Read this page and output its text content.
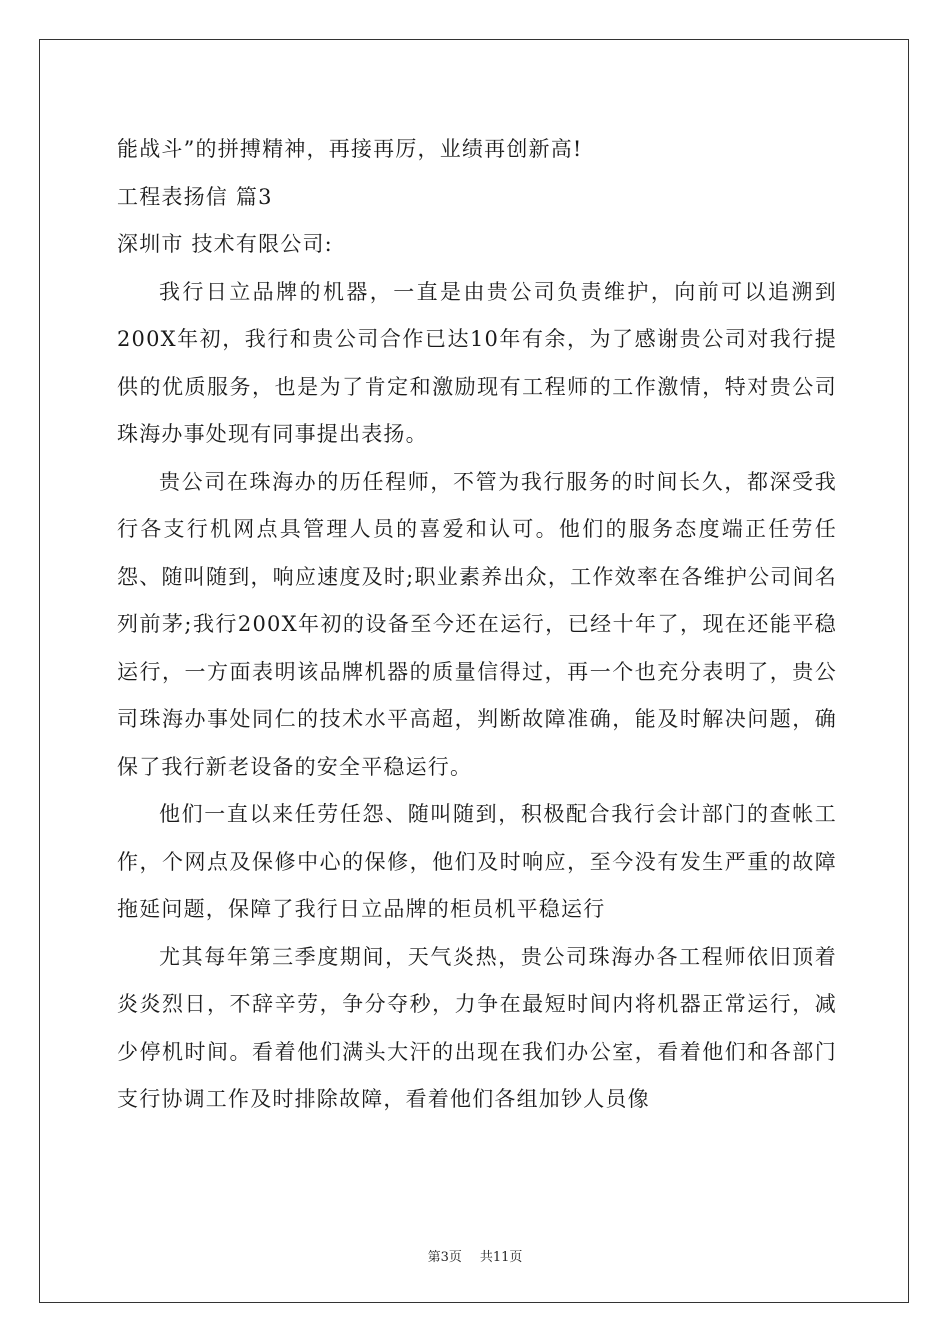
能战斗”的拼搏精神，再接再厉，业绩再创新高!
工程表扬信 篇3
深圳市 技术有限公司:

我行日立品牌的机器，一直是由贵公司负责维护，向前可以追溯到200X年初，我行和贵公司合作已达10年有余，为了感谢贵公司对我行提供的优质服务，也是为了肯定和激励现有工程师的工作激情，特对贵公司珠海办事处现有同事提出表扬。

贵公司在珠海办的历任程师，不管为我行服务的时间长久，都深受我行各支行机网点具管理人员的喜爱和认可。他们的服务态度端正任劳任怨、随叫随到，响应速度及时;职业素养出众，工作效率在各维护公司间名列前茅;我行200X年初的设备至今还在运行，已经十年了，现在还能平稳运行，一方面表明该品牌机器的质量信得过，再一个也充分表明了，贵公司珠海办事处同仁的技术水平高超，判断故障准确，能及时解决问题，确保了我行新老设备的安全平稳运行。

他们一直以来任劳任怨、随叫随到，积极配合我行会计部门的查帐工作，个网点及保修中心的保修，他们及时响应，至今没有发生严重的故障拖延问题，保障了我行日立品牌的柜员机平稳运行

尤其每年第三季度期间，天气炎热，贵公司珠海办各工程师依旧顶着炎炎烈日，不辞辛劳，争分夺秒，力争在最短时间内将机器正常运行，减少停机时间。看着他们满头大汗的出现在我们办公室，看着他们和各部门支行协调工作及时排除故障，看着他们各组加钞人员像

第3页 共11页
